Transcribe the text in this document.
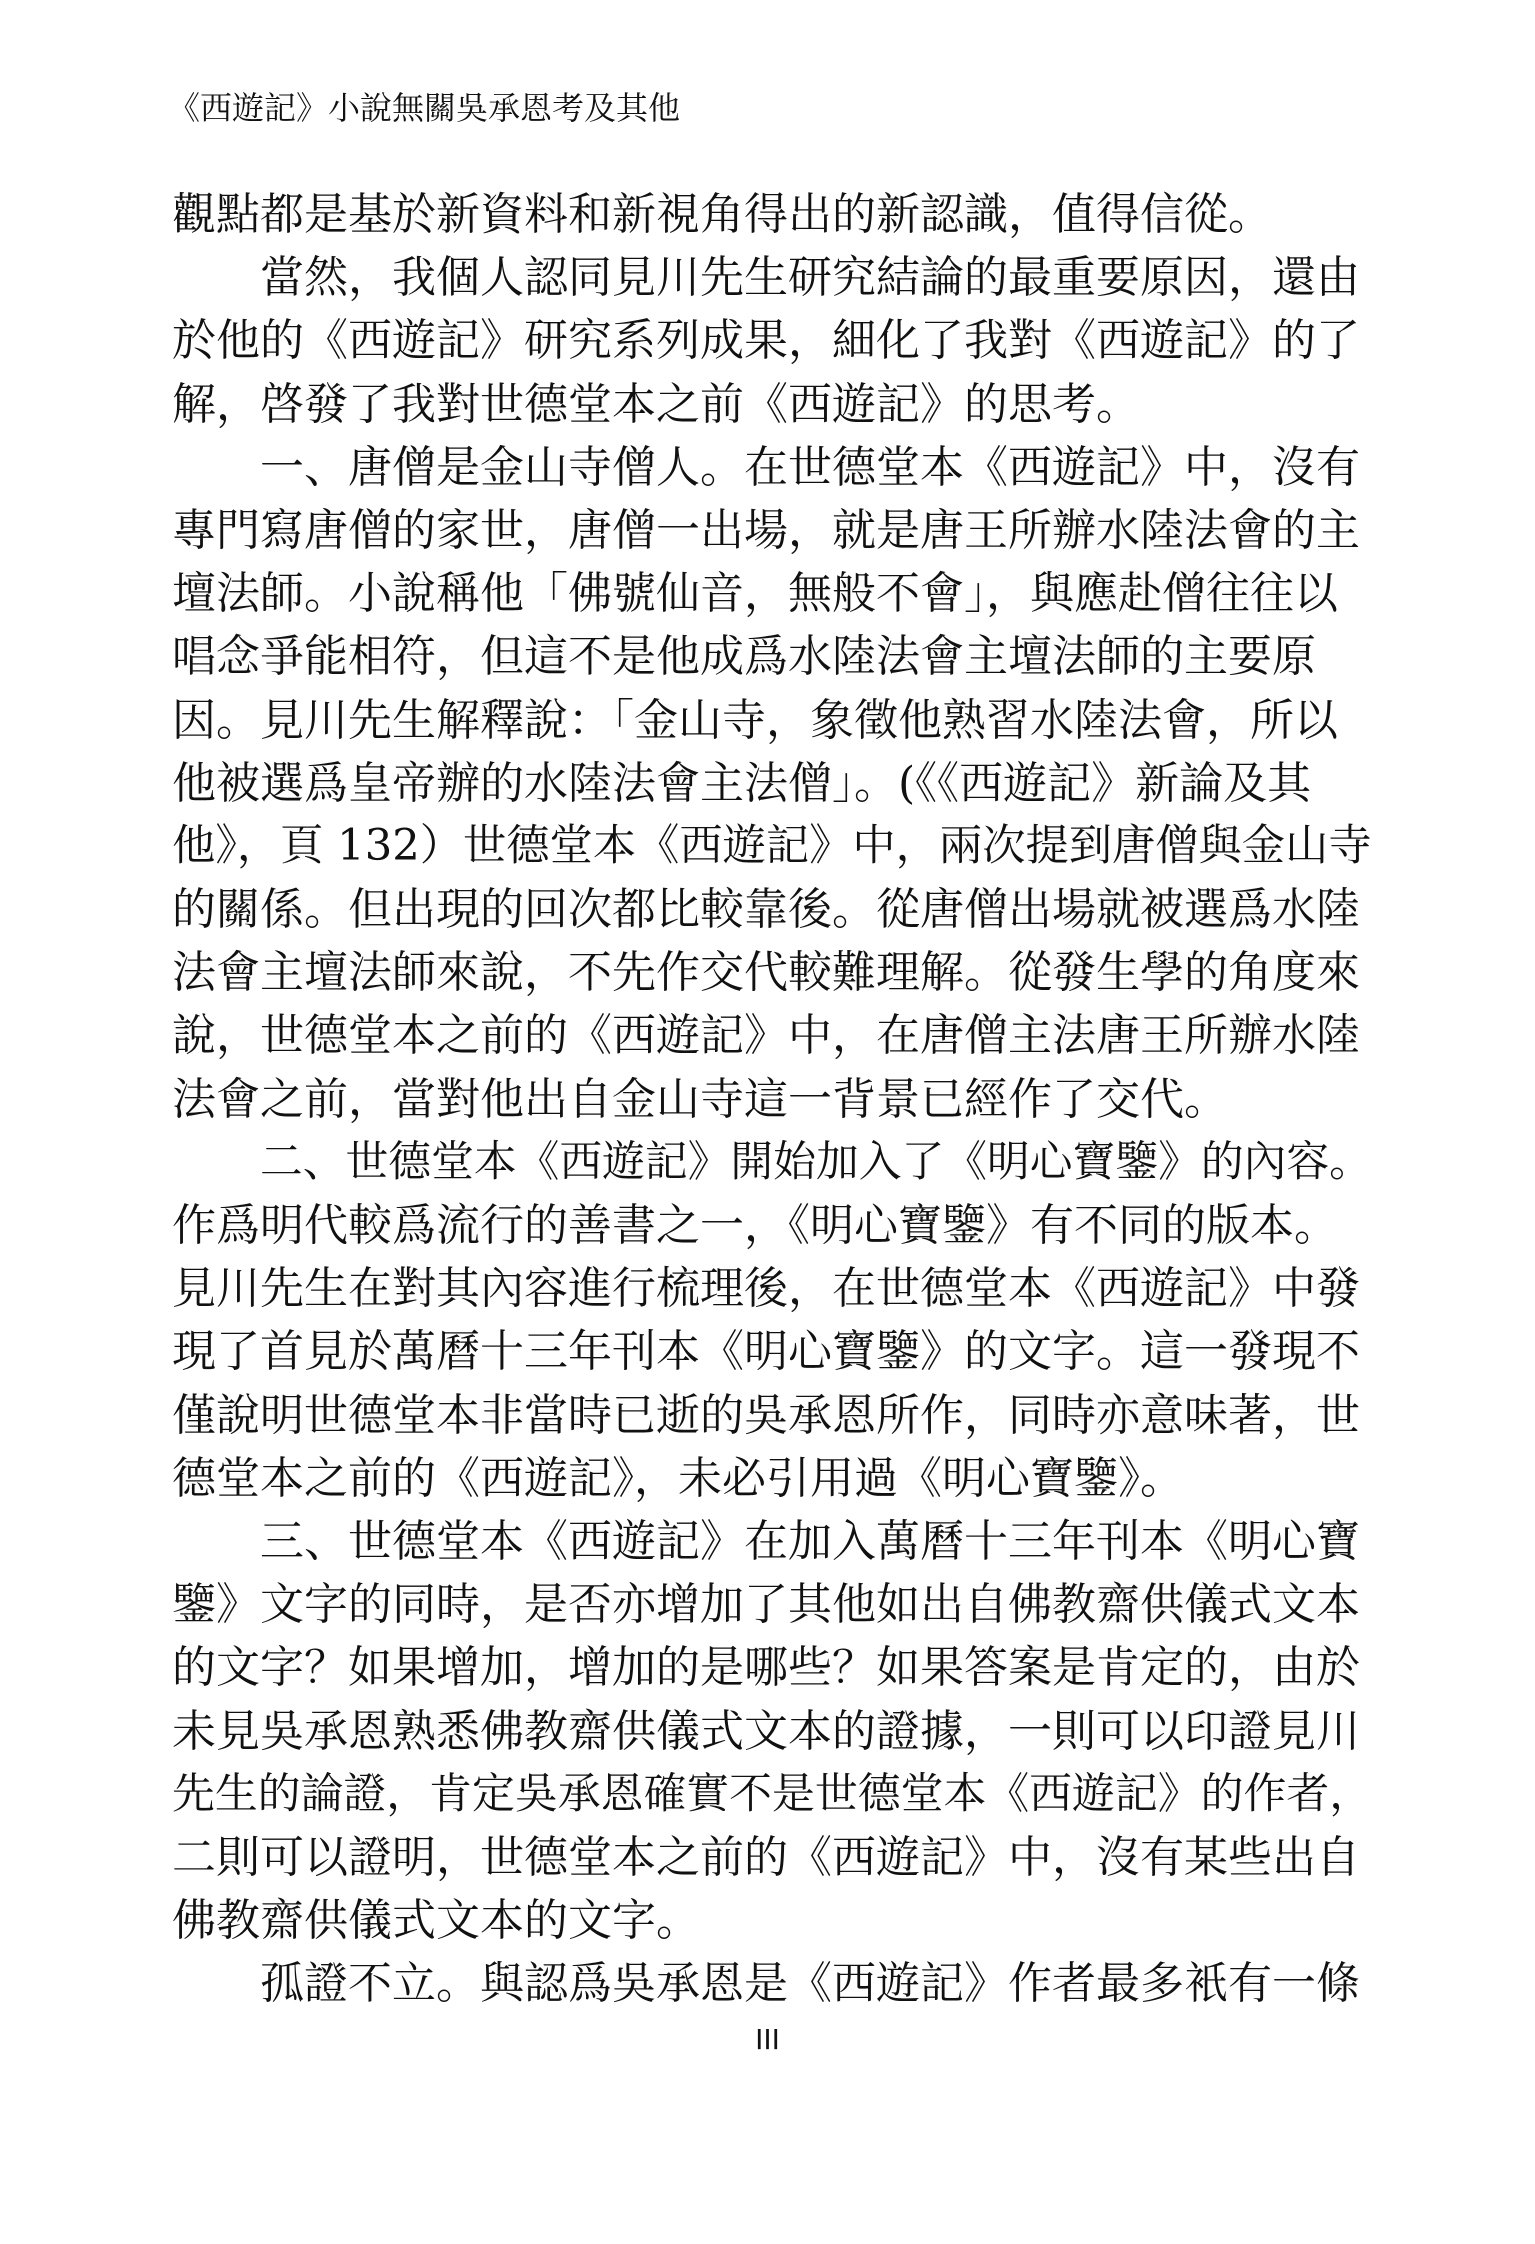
《西遊記》小說無關吳承恩考及其他
觀點都是基於新資料和新視角得出的新認識，值得信從。
當然，我個人認同見川先生研究結論的最重要原因，還由
於他的《西遊記》研究系列成果，細化了我對《西遊記》的了
解，啓發了我對世德堂本之前《西遊記》的思考。
一、唐僧是金山寺僧人。在世德堂本《西遊記》中，沒有
專門寫唐僧的家世，唐僧一出場，就是唐王所辦水陸法會的主
壇法師。小說稱他「佛號仙音，無般不會」，與應赴僧往往以
唱念爭能相符，但這不是他成爲水陸法會主壇法師的主要原
因。見川先生解釋說：「金山寺，象徵他熟習水陸法會，所以
他被選爲皇帝辦的水陸法會主法僧」。(《《西遊記》新論及其
他》，頁 132）世德堂本《西遊記》中，兩次提到唐僧與金山寺
的關係。但出現的回次都比較靠後。從唐僧出場就被選爲水陸
法會主壇法師來說，不先作交代較難理解。從發生學的角度來
說，世德堂本之前的《西遊記》中，在唐僧主法唐王所辦水陸
法會之前，當對他出自金山寺這一背景已經作了交代。
二、世德堂本《西遊記》開始加入了《明心寶鑒》的內容。
作爲明代較爲流行的善書之一，《明心寶鑒》有不同的版本。
見川先生在對其內容進行梳理後，在世德堂本《西遊記》中發
現了首見於萬曆十三年刊本《明心寶鑒》的文字。這一發現不
僅說明世德堂本非當時已逝的吳承恩所作，同時亦意味著，世
德堂本之前的《西遊記》，未必引用過《明心寶鑒》。
三、世德堂本《西遊記》在加入萬曆十三年刊本《明心寶
鑒》文字的同時，是否亦增加了其他如出自佛教齋供儀式文本
的文字？如果增加，增加的是哪些？如果答案是肯定的，由於
未見吳承恩熟悉佛教齋供儀式文本的證據，一則可以印證見川
先生的論證，肯定吳承恩確實不是世德堂本《西遊記》的作者，
二則可以證明，世德堂本之前的《西遊記》中，沒有某些出自
佛教齋供儀式文本的文字。
孤證不立。與認爲吳承恩是《西遊記》作者最多衹有一條
III
